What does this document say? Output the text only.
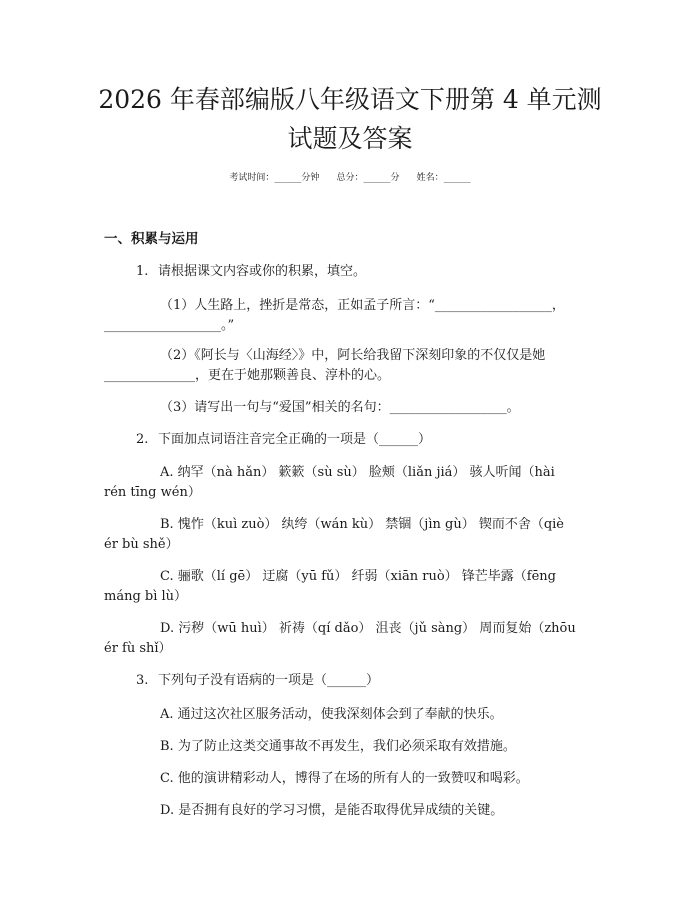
2026 年春部编版八年级语文下册第 4 单元测
试题及答案
考试时间：______分钟      总分：______分      姓名：______
一、积累与运用
1. 请根据课文内容或你的积累，填空。
（1）人生路上，挫折是常态，正如孟子所言：“__________________，
__________________。”
（2）《阿长与〈山海经〉》中，阿长给我留下深刻印象的不仅仅是她
______________，更在于她那颗善良、淳朴的心。
（3）请写出一句与“爱国”相关的名句：__________________。
2. 下面加点词语注音完全正确的一项是（______）
A. 纳罕（nà hǎn） 簌簌（sù sù） 脸颊（liǎn jiá） 骇人听闻（hài
rén tīng wén）
B. 愧怍（kuì zuò） 纨绔（wán kù） 禁锢（jìn gù） 锲而不舍（qiè
ér bù shě）
C. 骊歌（lí gē） 迂腐（yū fǔ） 纤弱（xiān ruò） 锋芒毕露（fēng
máng bì lù）
D. 污秽（wū huì） 祈祷（qí dǎo） 沮丧（jǔ sàng） 周而复始（zhōu
ér fù shǐ）
3. 下列句子没有语病的一项是（______）
A. 通过这次社区服务活动，使我深刻体会到了奉献的快乐。
B. 为了防止这类交通事故不再发生，我们必须采取有效措施。
C. 他的演讲精彩动人，博得了在场的所有人的一致赞叹和喝彩。
D. 是否拥有良好的学习习惯，是能否取得优异成绩的关键。
